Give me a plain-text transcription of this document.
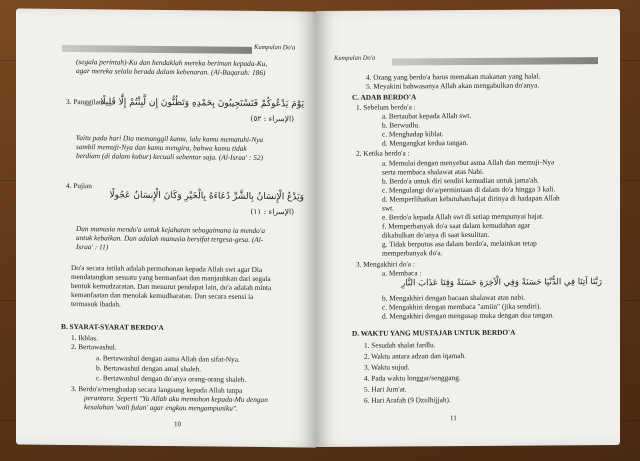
Kumpulan Do'a
(segala perintah)-Ku dan hendaklah mereka beriman kepada-Ku,
agar mereka selalu berada dalam kebenaran. (Al-Baqarah: 186)
3. Panggilan
يَوْمَ يَدْعُوكُمْ فَتَسْتَجِيبُونَ بِحَمْدِهِ وَتَظُنُّونَ إِن لَّبِثْتُمْ إِلَّا قَلِيلًا
(الإسراء : ٥٢)
Yaitu pada hari Dia memanggil kamu, lalu kamu mematuhi-Nya
sambil memuji-Nya dan kamu mengira, bahwa kamu tidak
berdiam (di dalam kubur) kecuali sebentar saja. (Al-Israa' : 52)
4. Pujian
وَيَدْعُ الْإِنسَانُ بِالشَّرِّ دُعَاءَهُ بِالْخَيْرِ وَكَانَ الْإِنسَانُ عَجُولًا
(الإسراء : ١١)
Dan manusia mendo'a untuk kejahatan sebagaimana ia mendo'a
untuk kebaikan. Dan adalah manusia bersifat tergesa-gesa. (Al-
Israa' : 11)
Do'a secara istilah adalah permohonan kepada Allah swt agar Dia
mendatangkan sesuatu yang bermanfaat dan manjauhkan dari segala
bentuk kemudzaratan. Dan menurut pendapat lain, do'a adalah minta
kemanfaatan dan menolak kemudharatan. Dan secara esensi ia
termasuk ibadah.
B. SYARAT-SYARAT BERDO'A
1. Ikhlas.
2. Bertawashul.
a. Bertawashul dengan asma Allah dan sifat-Nya.
b. Bertawashul dengan amal shaleh.
c. Bertawashul dengan do'anya orang-orang shaleh.
3. Berdo'a/menghadap secara langsung kepada Allah tanpa
perantara. Seperti "Ya Allah aku memohon kepada-Mu dengan
kesalahan 'wali fulan' agar engkau mengampuniku".
10
Kumpulan Do'a
4. Orang yang berdo'a harus memakan makanan yang halal.
5. Meyakini bahwasanya Allah akan mengabulkan do'anya.
C. ADAB BERDO'A
1. Sebelum berdo'a :
a. Bertaubat kepada Allah swt.
b. Berwudlu.
c. Menghadap kiblat.
d. Mengangkat kedua tangan.
2. Ketika berdo'a :
a. Memulai dengan menyebut asma Allah dan memuji-Nya
serta membaca shalawat atas Nabi.
b. Berdo'a untuk diri sendiri kemudian untuk jama'ah.
c. Mengulangi do'a/permintaan di dalam do'a hingga 3 kali.
d. Memperlihatkan kebutuhan/hajat dirinya di hadapan Allah
swt.
e. Berdo'a kepada Allah swt di setiap mempunyai hajat.
f. Memperbanyak do'a saat dalam kemudahan agar
dikabulkan do'anya di saat kesulitan.
g. Tidak berputus asa dalam berdo'a, melainkan tetap
memperbanyak do'a.
3. Mengakhiri do'a :
a. Membaca :
رَبَّنَا آتِنَا فِي الدُّنْيَا حَسَنَةً وَفِي الْآخِرَةِ حَسَنَةً وَقِنَا عَذَابَ النَّارِ
b. Mengakhiri dengan bacaan shalawat atas nabi.
c. Mengakhiri dengan membaca "amiin" (jika sendiri).
d. Mengakhiri dengan mengusap muka dengan dua tangan.
D. WAKTU YANG MUSTAJAB UNTUK BERDO'A
1. Sesudah shalat fardlu.
2. Waktu antara adzan dan iqamah.
3. Waktu sujud.
4. Pada waktu longgar/senggang.
5. Hari Jum'at.
6. Hari Arafah (9 Dzulhijjah).
11
